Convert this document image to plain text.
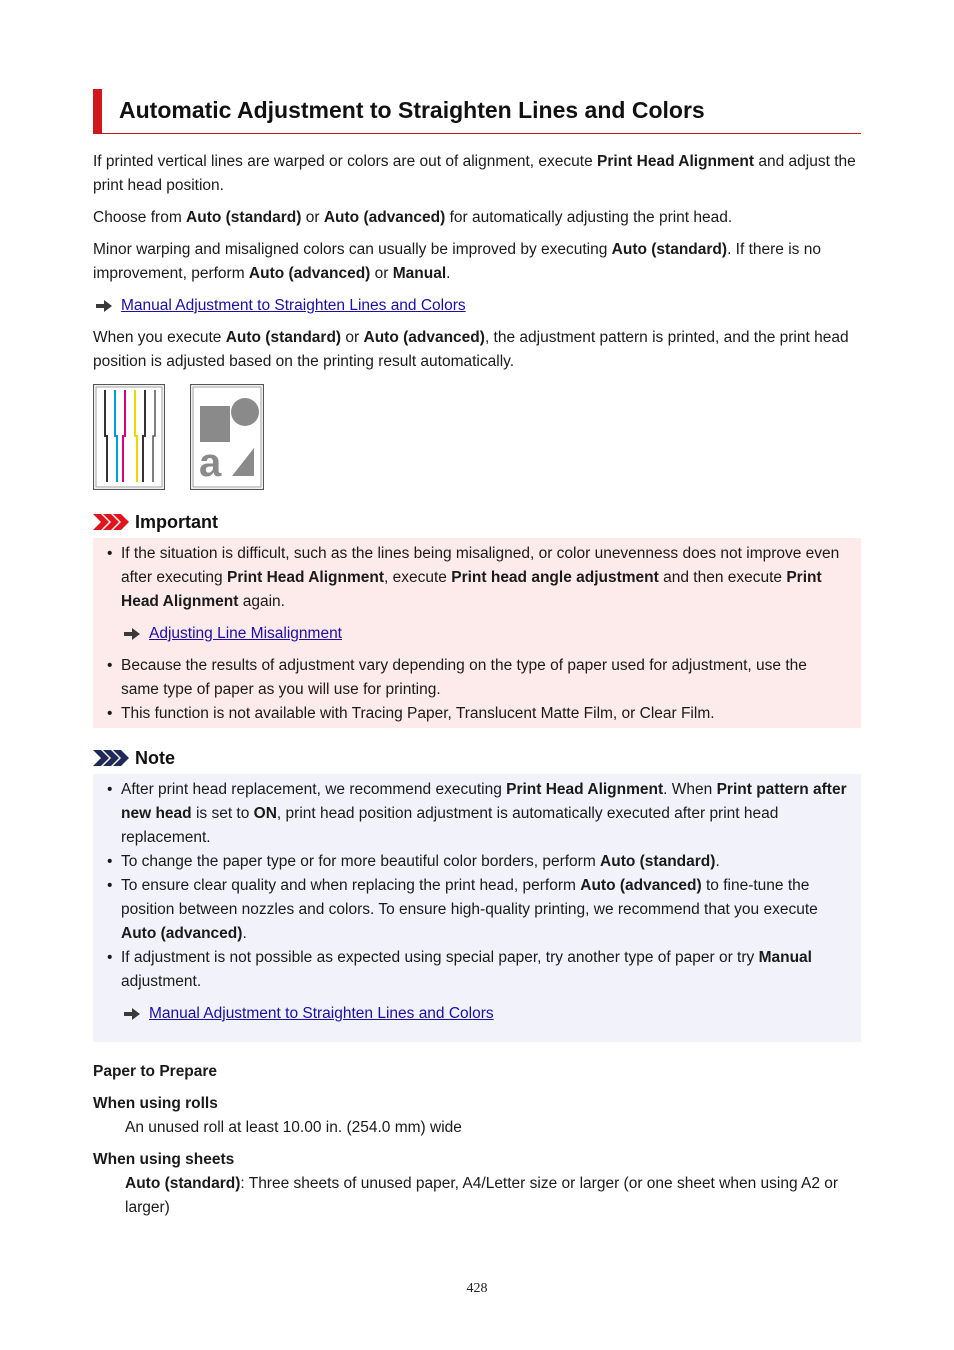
Automatic Adjustment to Straighten Lines and Colors

If printed vertical lines are warped or colors are out of alignment, execute Print Head Alignment and adjust the print head position.

Choose from Auto (standard) or Auto (advanced) for automatically adjusting the print head.

Minor warping and misaligned colors can usually be improved by executing Auto (standard). If there is no improvement, perform Auto (advanced) or Manual.

Manual Adjustment to Straighten Lines and Colors

When you execute Auto (standard) or Auto (advanced), the adjustment pattern is printed, and the print head position is adjusted based on the printing result automatically.

a
Important
• If the situation is difficult, such as the lines being misaligned, or color unevenness does not improve even after executing Print Head Alignment, execute Print head angle adjustment and then execute Print Head Alignment again.
Adjusting Line Misalignment
• Because the results of adjustment vary depending on the type of paper used for adjustment, use the same type of paper as you will use for printing.
• This function is not available with Tracing Paper, Translucent Matte Film, or Clear Film.
Note
• After print head replacement, we recommend executing Print Head Alignment. When Print pattern after new head is set to ON, print head position adjustment is automatically executed after print head replacement.
• To change the paper type or for more beautiful color borders, perform Auto (standard).
• To ensure clear quality and when replacing the print head, perform Auto (advanced) to fine-tune the position between nozzles and colors. To ensure high-quality printing, we recommend that you execute Auto (advanced).
• If adjustment is not possible as expected using special paper, try another type of paper or try Manual adjustment.
Manual Adjustment to Straighten Lines and Colors
Paper to Prepare
When using rolls
An unused roll at least 10.00 in. (254.0 mm) wide
When using sheets
Auto (standard): Three sheets of unused paper, A4/Letter size or larger (or one sheet when using A2 or larger)
428
